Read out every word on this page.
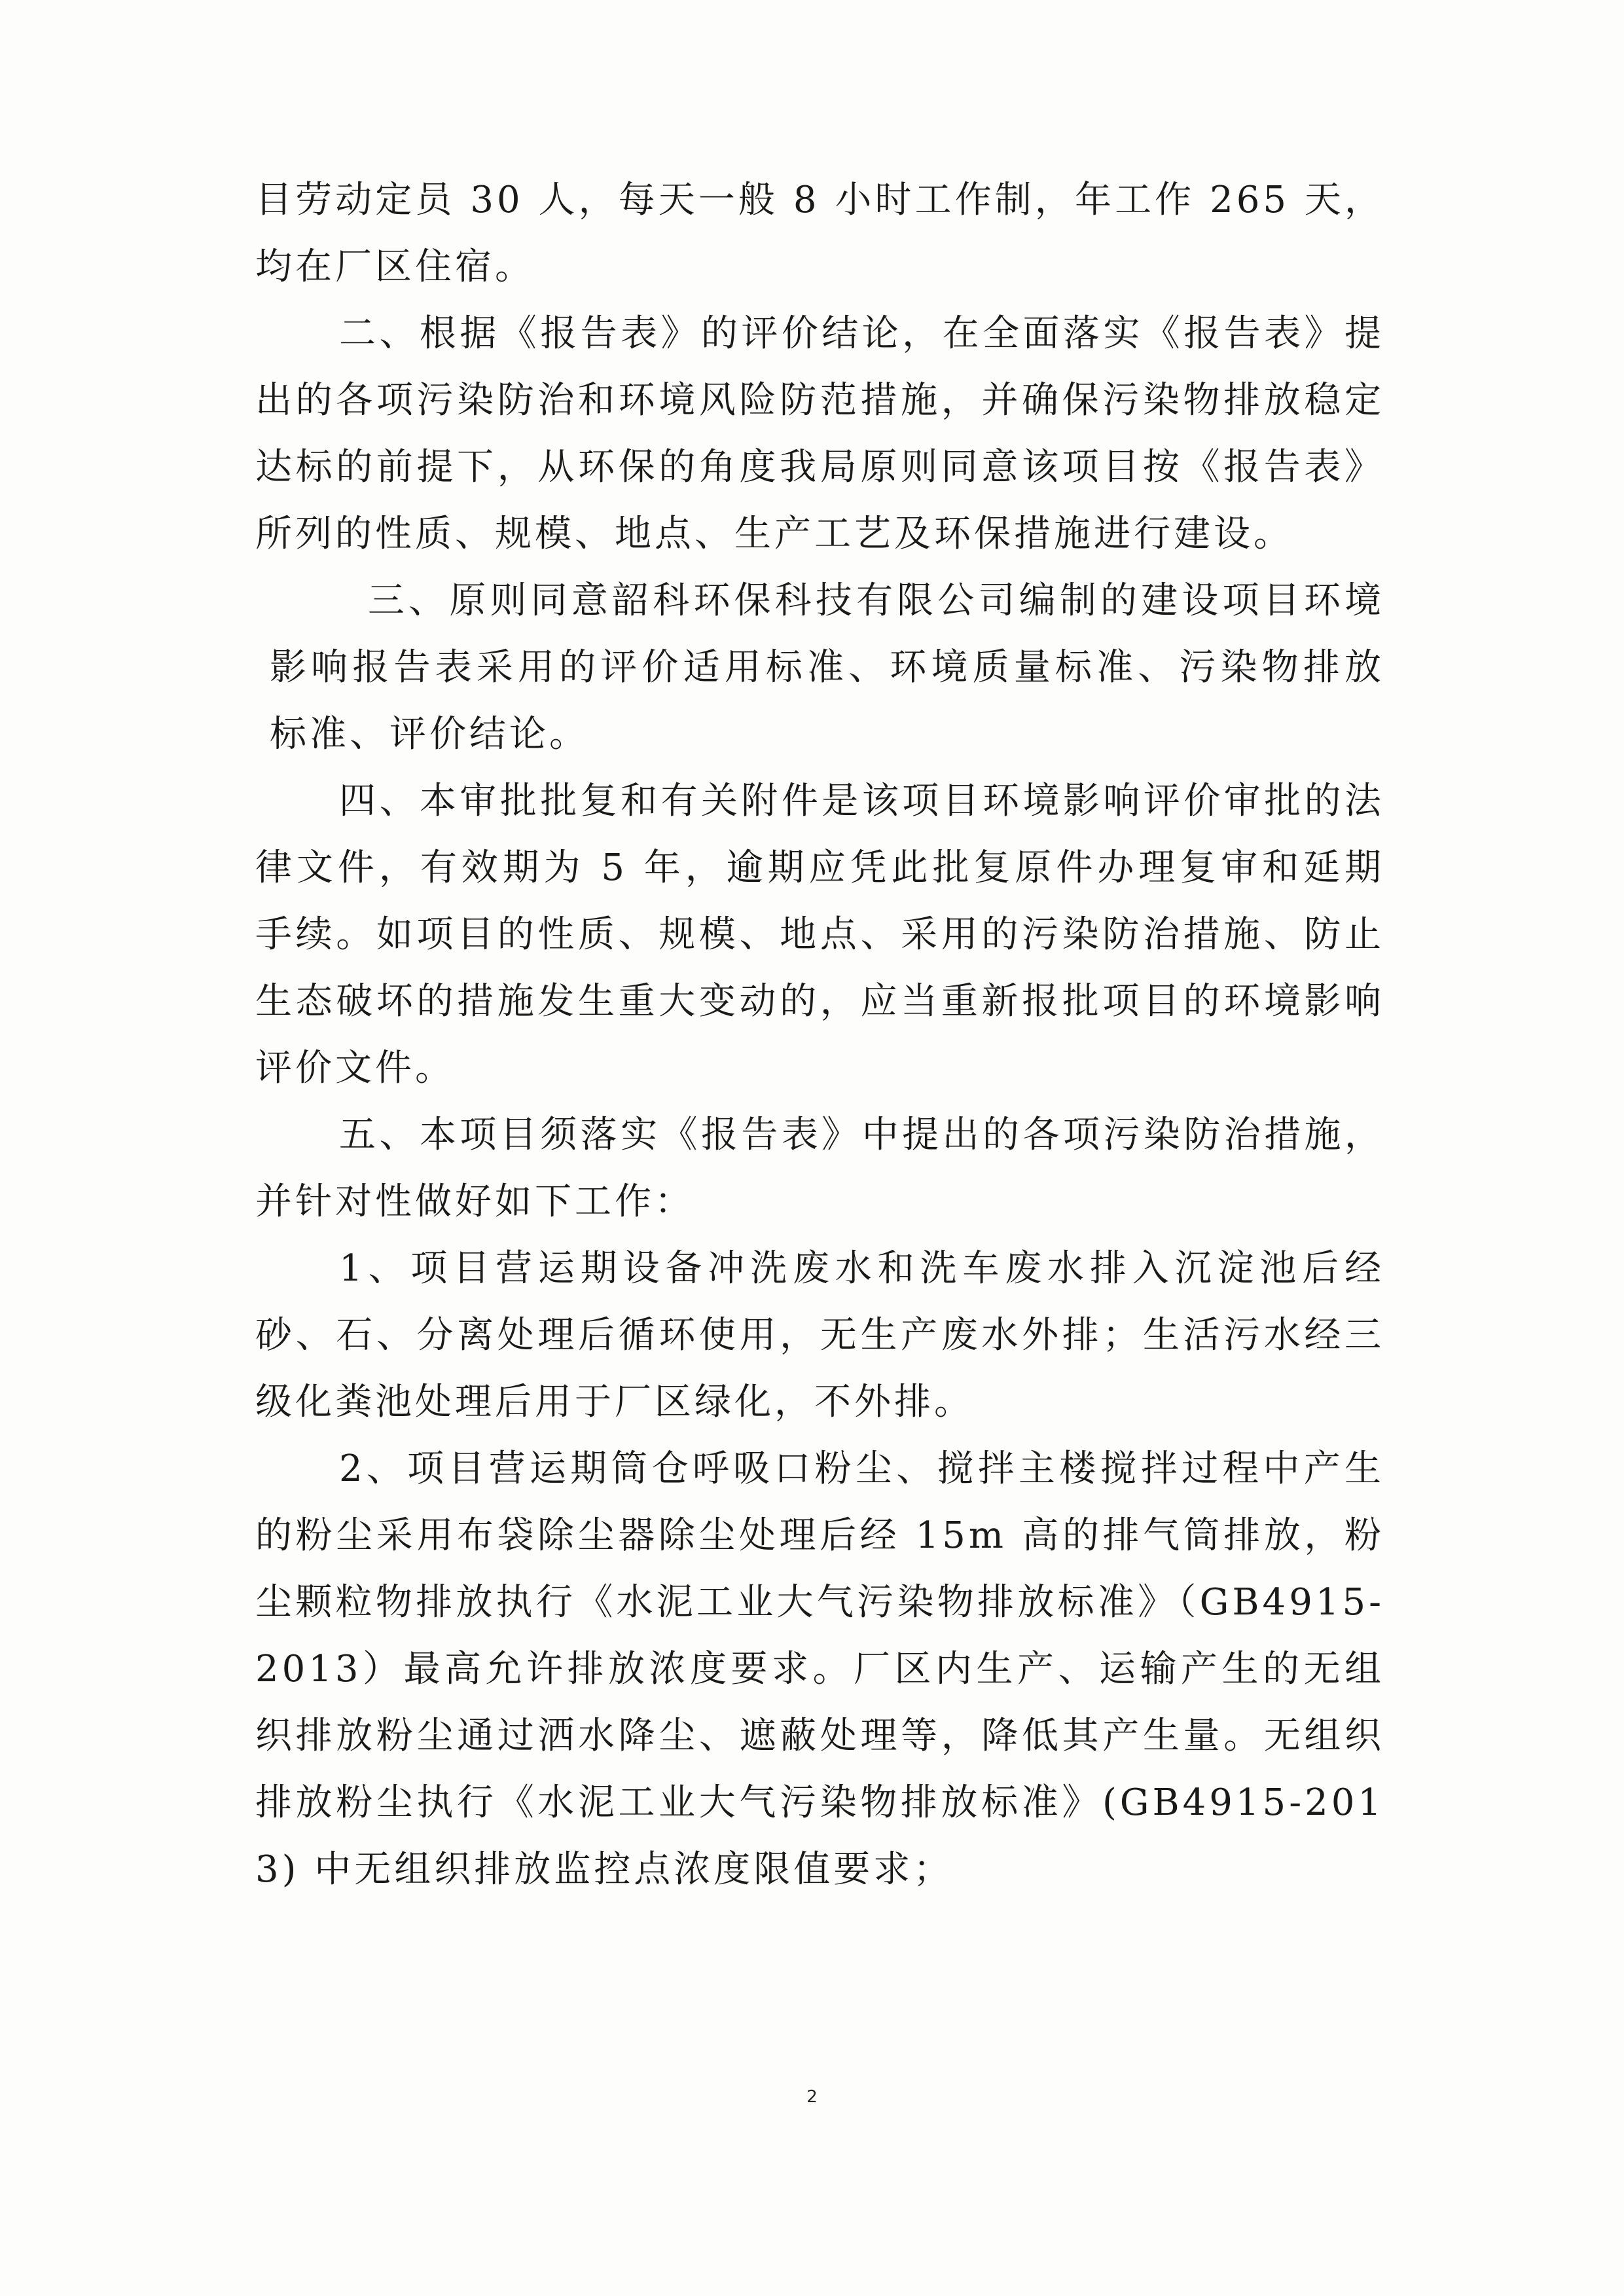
目劳动定员 30 人，每天一般 8 小时工作制，年工作 265 天，均在厂区住宿。

二、根据《报告表》的评价结论，在全面落实《报告表》提出的各项污染防治和环境风险防范措施，并确保污染物排放稳定达标的前提下，从环保的角度我局原则同意该项目按《报告表》所列的性质、规模、地点、生产工艺及环保措施进行建设。

三、原则同意韶科环保科技有限公司编制的建设项目环境影响报告表采用的评价适用标准、环境质量标准、污染物排放标准、评价结论。

四、本审批批复和有关附件是该项目环境影响评价审批的法律文件，有效期为 5 年，逾期应凭此批复原件办理复审和延期手续。如项目的性质、规模、地点、采用的污染防治措施、防止生态破坏的措施发生重大变动的，应当重新报批项目的环境影响评价文件。

五、本项目须落实《报告表》中提出的各项污染防治措施，并针对性做好如下工作：

1、项目营运期设备冲洗废水和洗车废水排入沉淀池后经砂、石、分离处理后循环使用，无生产废水外排；生活污水经三级化粪池处理后用于厂区绿化，不外排。

2、项目营运期筒仓呼吸口粉尘、搅拌主楼搅拌过程中产生的粉尘采用布袋除尘器除尘处理后经 15m 高的排气筒排放，粉尘颗粒物排放执行《水泥工业大气污染物排放标准》（GB4915-2013）最高允许排放浓度要求。厂区内生产、运输产生的无组织排放粉尘通过洒水降尘、遮蔽处理等，降低其产生量。无组织排放粉尘执行《水泥工业大气污染物排放标准》(GB4915-2013) 中无组织排放监控点浓度限值要求；

2
